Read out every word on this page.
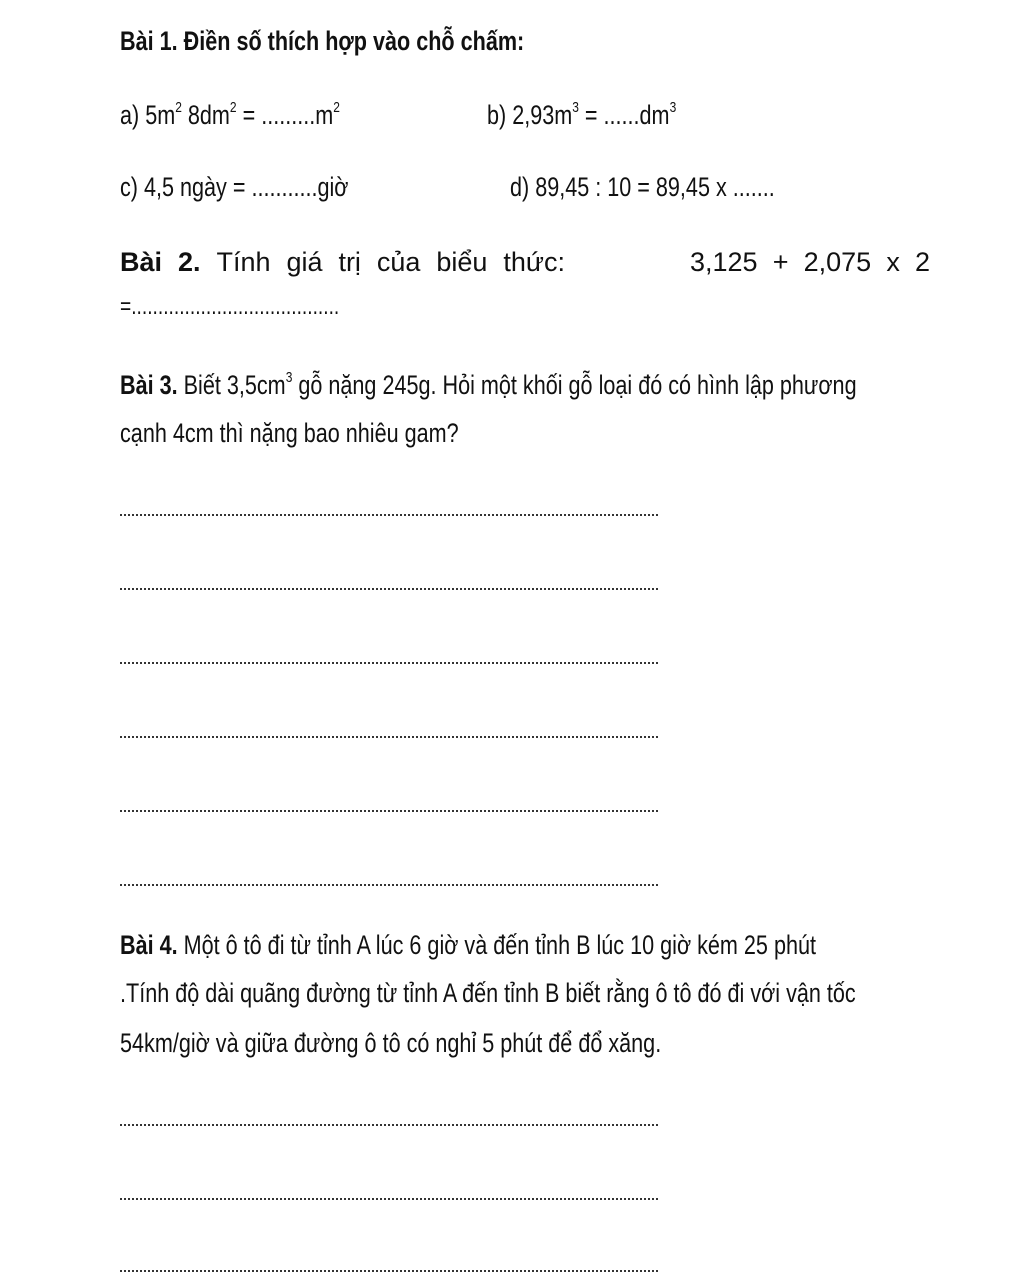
Bài 1. Điền số thích hợp vào chỗ chấm:
a) $5m^2$ $8dm^2 = .........m^2$	b) $2,93m^3 = ......dm^3$
c) 4,5 ngày = ...........giờ	d) 89,45 : 10 = 89,45 x .......
Bài 2. Tính giá trị của biểu thức:	3,125 + 2,075 x 2
=.......................................
Bài 3. Biết $3,5cm^3$ gỗ nặng 245g. Hỏi một khối gỗ loại đó có hình lập phương
cạnh 4cm thì nặng bao nhiêu gam?
Bài 4. Một ô tô đi từ tỉnh A lúc 6 giờ và đến tỉnh B lúc 10 giờ kém 25 phút
.Tính độ dài quãng đường từ tỉnh A đến tỉnh B biết rằng ô tô đó đi với vận tốc
54km/giờ và giữa đường ô tô có nghỉ 5 phút để đổ xăng.
